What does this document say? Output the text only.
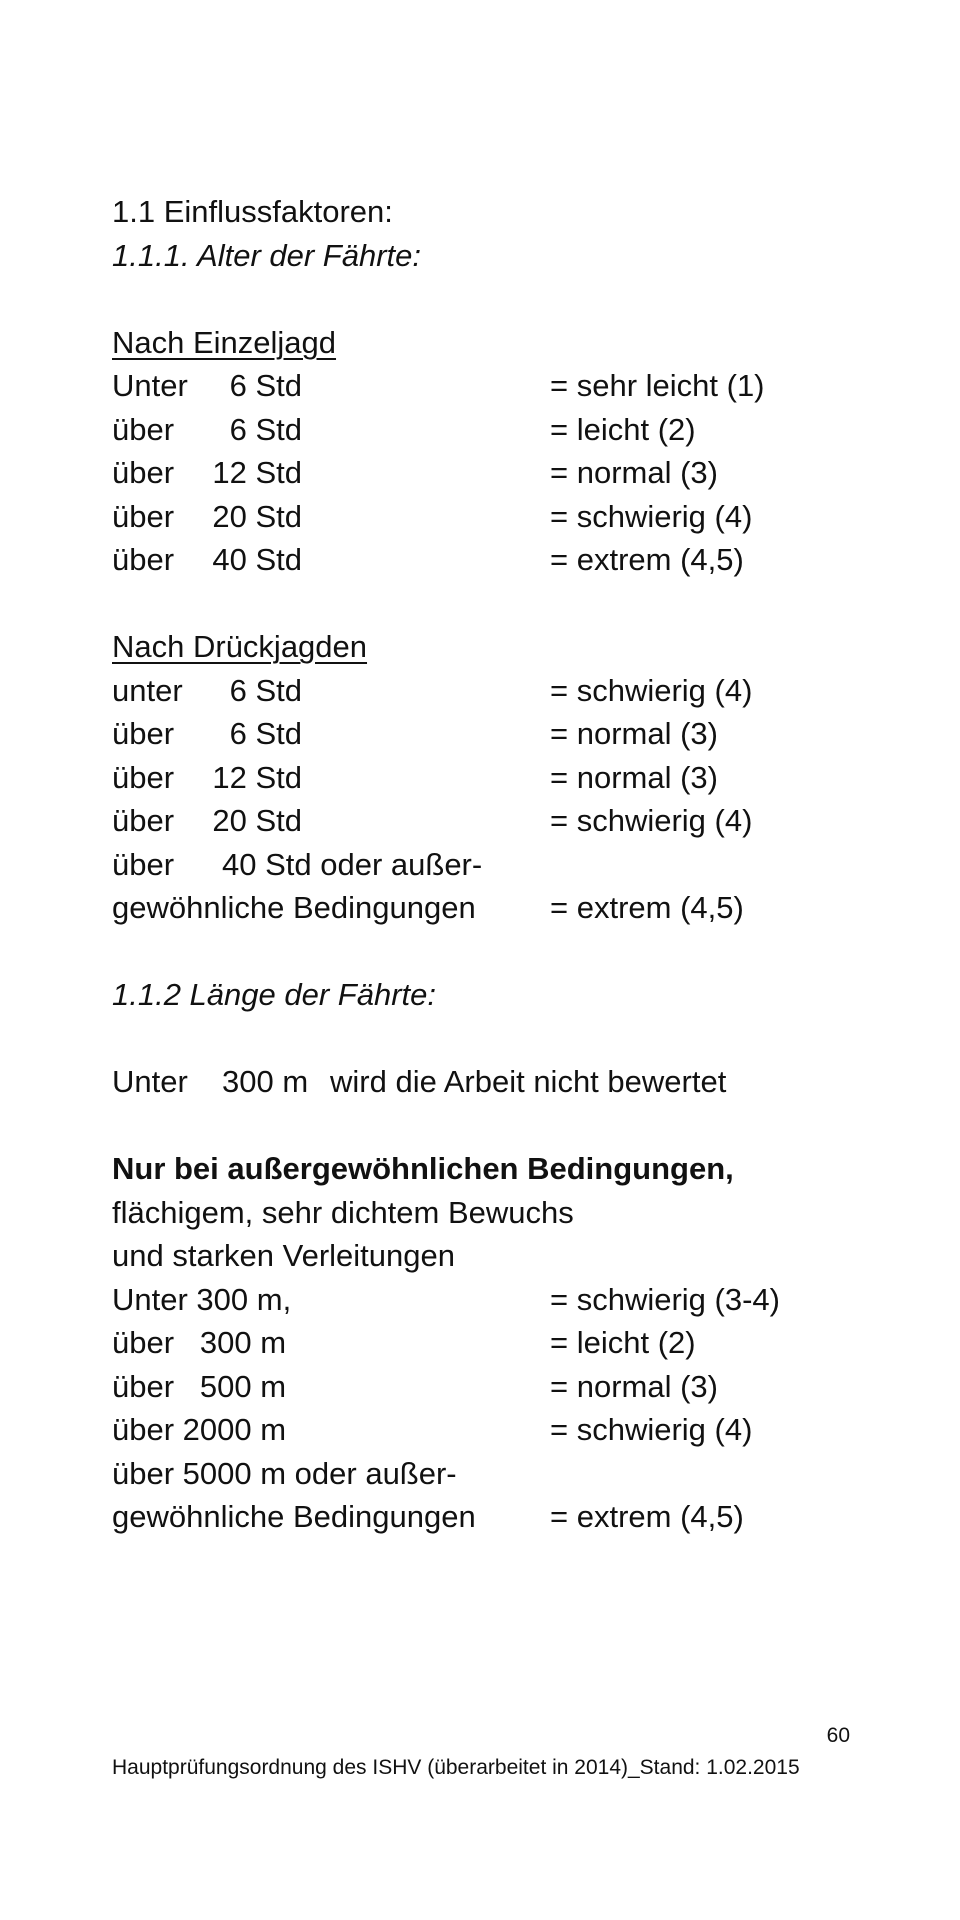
1.1 Einflussfaktoren:
1.1.1. Alter der Fährte:
Nach Einzeljagd
Unter	6 Std	= sehr leicht (1)
über	6 Std	= leicht (2)
über	12 Std	= normal (3)
über	20 Std	= schwierig (4)
über	40 Std	= extrem (4,5)
Nach Drückjagden
unter	6 Std	= schwierig (4)
über	6 Std	= normal (3)
über	12 Std	= normal (3)
über	20 Std	= schwierig (4)
über 40 Std oder außer-
gewöhnliche Bedingungen = extrem (4,5)
1.1.2 Länge der Fährte:
Unter 300 m wird die Arbeit nicht bewertet
Nur bei außergewöhnlichen Bedingungen,
flächigem, sehr dichtem Bewuchs
und starken Verleitungen
Unter 300 m,	= schwierig (3-4)
über   300 m	= leicht (2)
über   500 m	= normal (3)
über 2000 m	= schwierig (4)
über 5000 m oder außer-
gewöhnliche Bedingungen = extrem (4,5)
60
Hauptprüfungsordnung des ISHV (überarbeitet in 2014)_Stand: 1.02.2015
